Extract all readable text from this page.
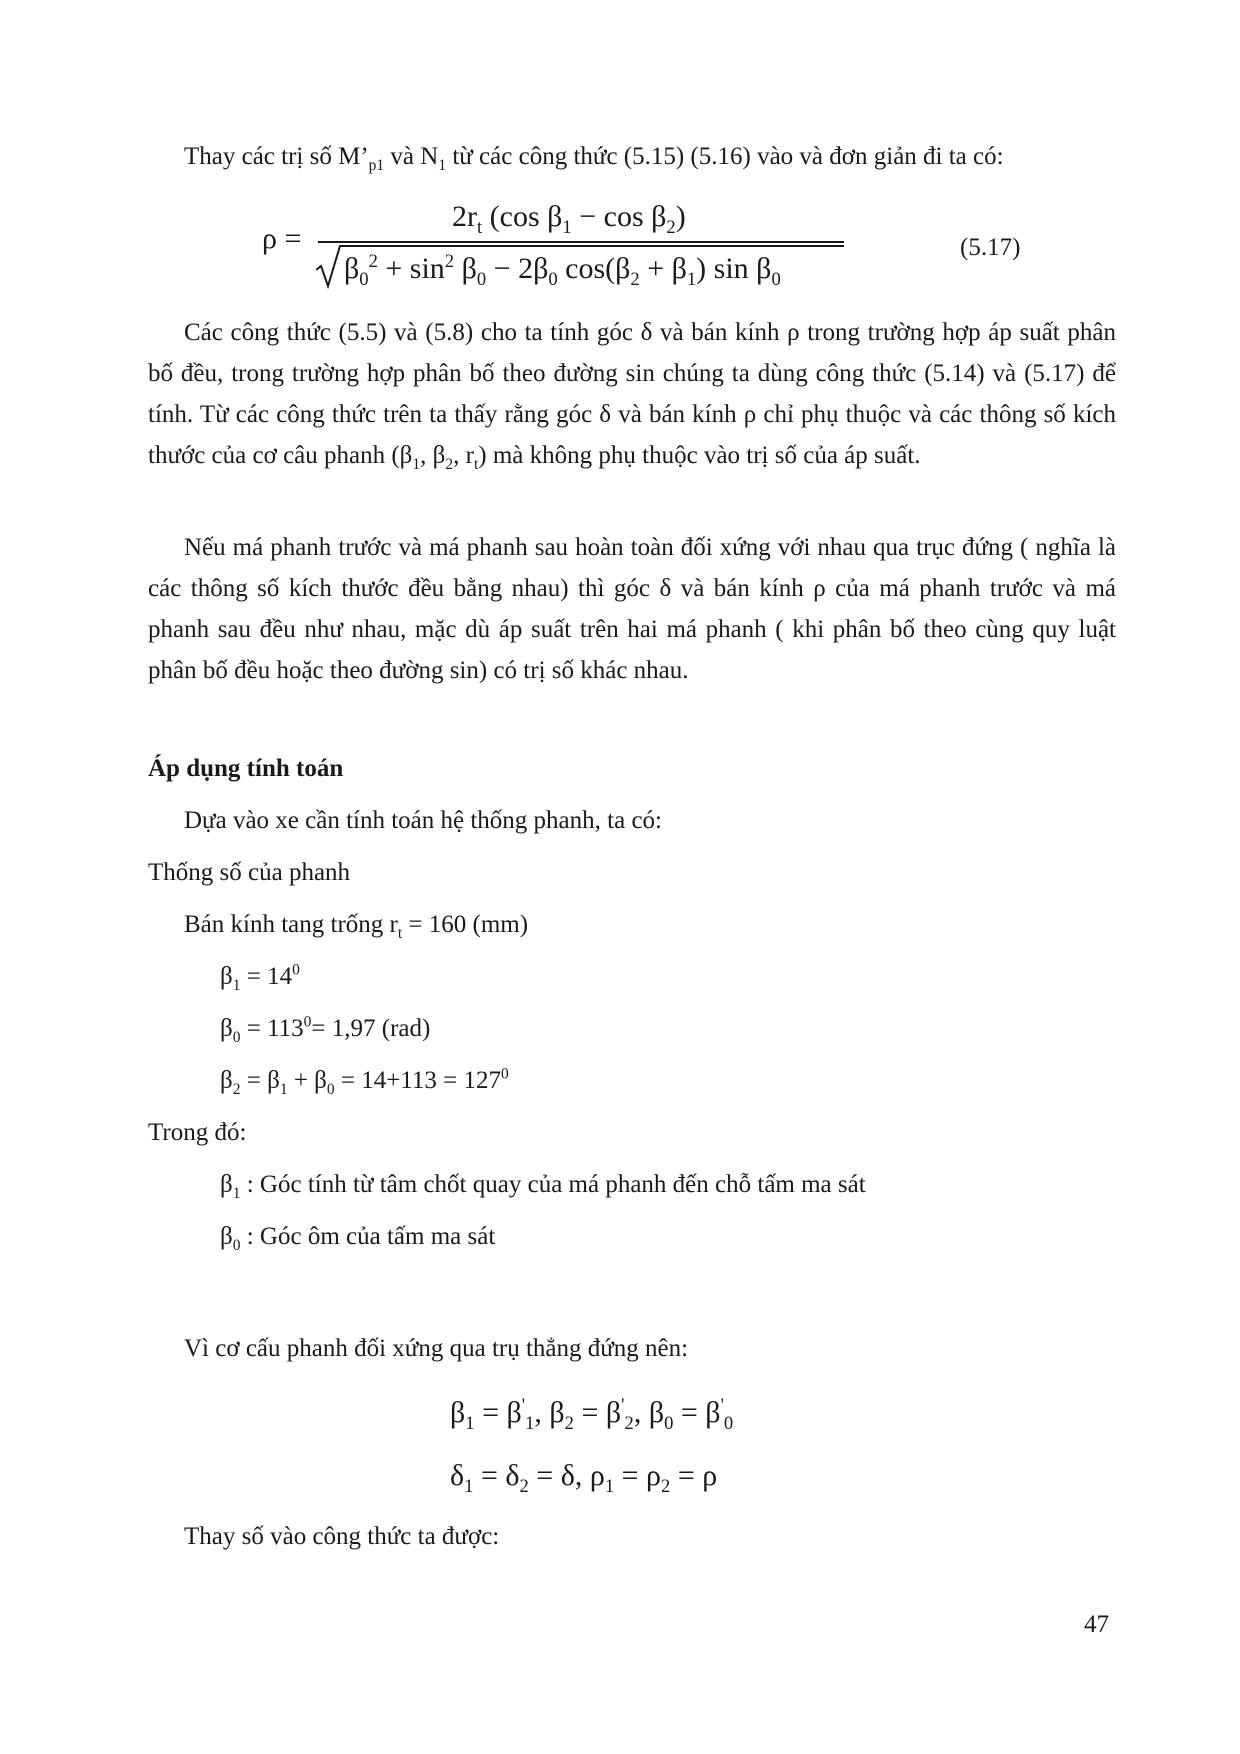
Thay các trị số $M’_{p1}$ và $N_1$ từ các công thức (5.15) (5.16) vào và đơn giản đi ta có:
ρ =
$2r_t$ (cos $\beta_1 - \cos \beta_2$)
$\beta_0^2 + \sin^2 \beta_0 - 2\beta_0$ $\cos(\beta_2 + \beta_1)$ $\sin \beta_0$
(5.17)

Các công thức (5.5) và (5.8) cho ta tính góc δ và bán kính ρ trong trường hợp áp suất phân bố đều, trong trường hợp phân bố theo đường sin chúng ta dùng công thức (5.14) và (5.17) để tính. Từ các công thức trên ta thấy rằng góc δ và bán kính ρ chỉ phụ thuộc và các thông số kích thước của cơ câu phanh ($\beta_1$, $\beta_2$, $r_t$) mà không phụ thuộc vào trị số của áp suất.

Nếu má phanh trước và má phanh sau hoàn toàn đối xứng với nhau qua trục đứng ( nghĩa là các thông số kích thước đều bằng nhau) thì góc δ và bán kính ρ của má phanh trước và má phanh sau đều như nhau, mặc dù áp suất trên hai má phanh ( khi phân bố theo cùng quy luật phân bố đều hoặc theo đường sin) có trị số khác nhau.

Áp dụng tính toán
Dựa vào xe cần tính toán hệ thống phanh, ta có:
Thống số của phanh
Bán kính tang trống $r_t = 160$ (mm)
$\beta_1 = 14^0$
$\beta_0 = 113^0= 1,97$ (rad)
$\beta_2 = \beta_1 + \beta_0 = 14+113 = 127^0$
Trong đó:
$\beta_1$ : Góc tính từ tâm chốt quay của má phanh đến chỗ tấm ma sát
$\beta_0$ : Góc ôm của tấm ma sát
Vì cơ cấu phanh đối xứng qua trụ thẳng đứng nên:
$\beta_1 = \beta'_1$, $\beta_2 = \beta'_2$, $\beta_0 = \beta'_0$
$\delta_1 = \delta_2 = \delta$, $\rho_1 = \rho_2 = \rho$
Thay số vào công thức ta được:
47
